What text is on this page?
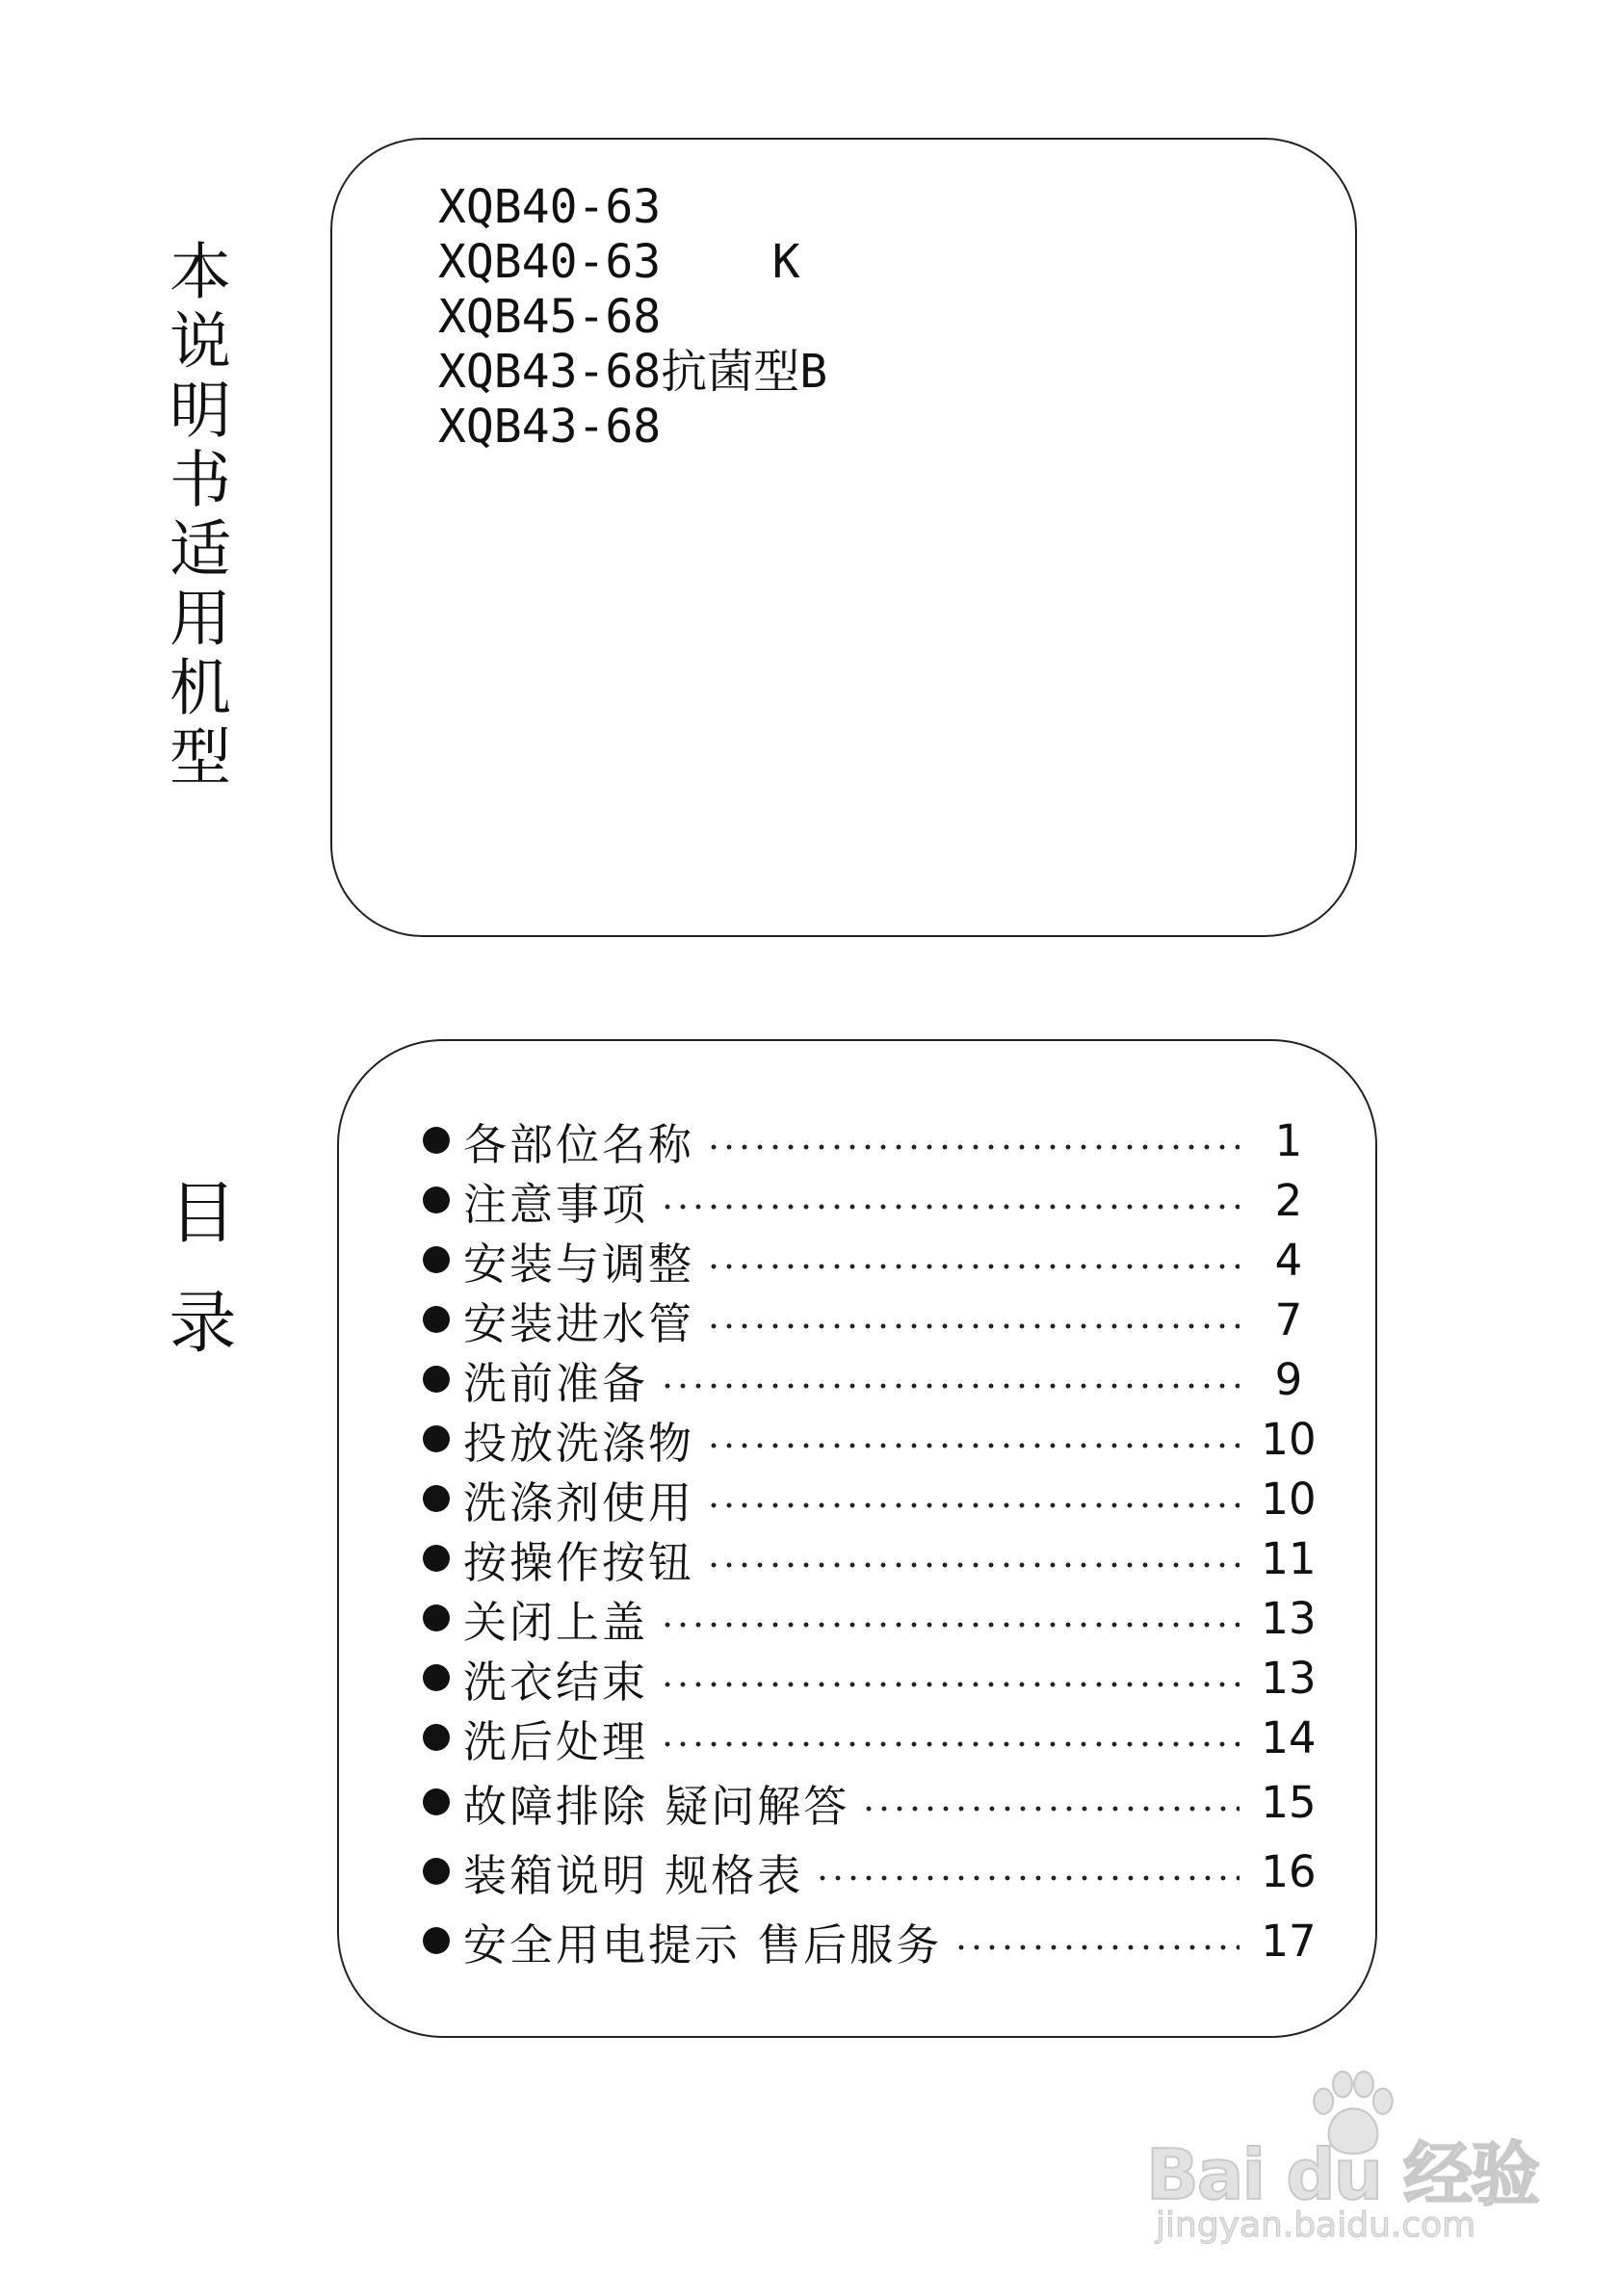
本说明书适用机型
XQB40-63
XQB40-63    K
XQB45-68
XQB43-68抗菌型B
XQB43-68
目录
各部位名称	1
注意事项	2
安装与调整	4
安装进水管	7
洗前准备	9
投放洗涤物	10
洗涤剂使用	10
按操作按钮	11
关闭上盖	13
洗衣结束	13
洗后处理	14
故障排除 疑问解答	15
装箱说明 规格表	16
安全用电提示 售后服务	17
Bai du 经验
jingyan.baidu.com
